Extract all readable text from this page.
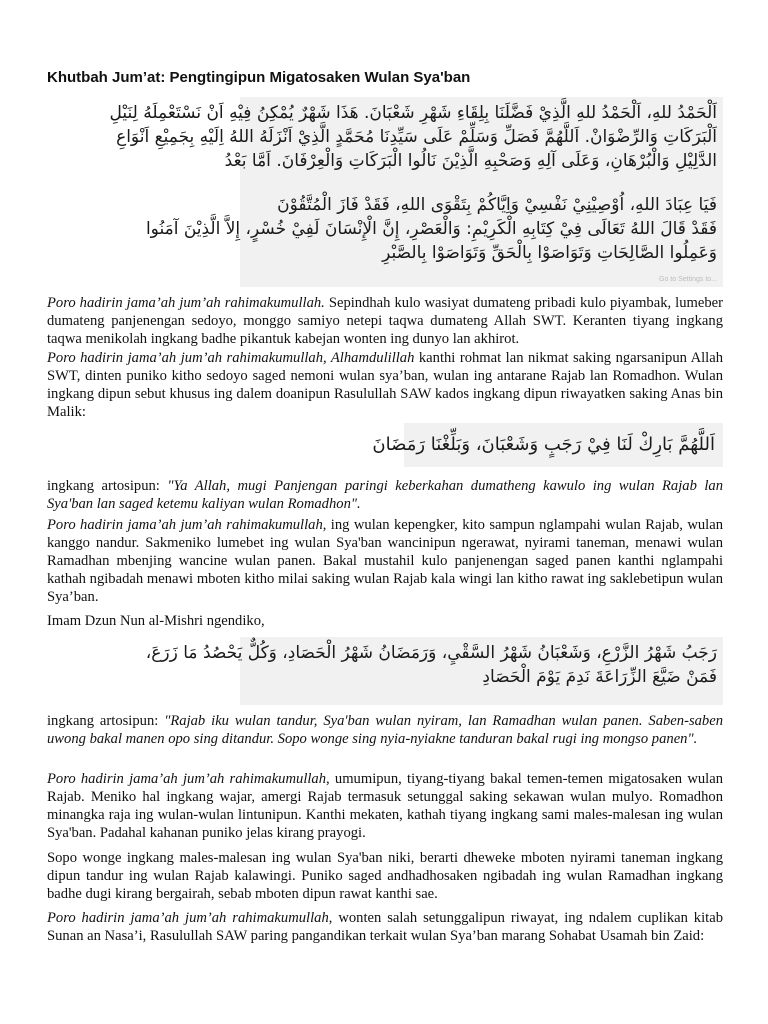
Khutbah Jum’at: Pengtingipun Migatosaken Wulan Sya'ban
اَلْحَمْدُ للهِ، اَلْحَمْدُ للهِ الَّذِيْ فَضَّلَنَا بِلِقَاءِ شَهْرِ شَعْبَانَ. هَذَا شَهْرٌ يُمْكِنُ فِيْهِ اَنْ نَسْتَعْمِلَهُ لِنَيْلِ
اَلْبَرَكَاتِ وَالرِّضْوَانْ. اَللَّهُمَّ فَصَلِّ وَسَلِّمْ عَلَى سَيِّدِنَا مُحَمَّدٍ الَّذِيْ اَنْزَلَهُ اللهُ اِلَيْهِ بِجَمِيْعِ اَنْوَاعِ
الدَّلِيْلِ وَالْبُرْهَانِ، وَعَلَى آلِهِ وَصَحْبِهِ الَّذِيْنَ نَالُوا الْبَرَكَاتِ وَالْعِرْفَانَ. اَمَّا بَعْدُ
فَيَا عِبَادَ اللهِ، اُوْصِيْنِيْ نَفْسِيْ وَاِيَّاكُمْ بِتَقْوَى اللهِ، فَقَدْ فَازَ الْمُتَّقُوْنَ
فَقَدْ قَالَ اللهُ تَعَالَى فِيْ كِتَابِهِ الْكَرِيْمِ: وَالْعَصْرِ، إِنَّ الْإِنْسَانَ لَفِيْ خُسْرٍ، إِلاَّ الَّذِيْنَ آمَنُوا
وَعَمِلُوا الصَّالِحَاتِ وَتَوَاصَوْا بِالْحَقِّ وَتَوَاصَوْا بِالصَّبْرِ
Go to Settings to...
Poro hadirin jama’ah jum’ah rahimakumullah. Sepindhah kulo wasiyat dumateng pribadi kulo piyambak, lumeber dumateng panjenengan sedoyo, monggo samiyo netepi taqwa dumateng Allah SWT. Keranten tiyang ingkang taqwa menikolah ingkang badhe pikantuk kabejan wonten ing dunyo lan akhirot.
Poro hadirin jama’ah jum’ah rahimakumullah, Alhamdulillah kanthi rohmat lan nikmat saking ngarsanipun Allah SWT, dinten puniko kitho sedoyo saged nemoni wulan sya’ban, wulan ing antarane Rajab lan Romadhon. Wulan ingkang dipun sebut khusus ing dalem doanipun Rasulullah SAW kados ingkang dipun riwayatken saking Anas bin Malik:
اَللَّهُمَّ بَارِكْ لَنَا فِيْ رَجَبٍ وَشَعْبَانَ، وَبَلِّغْنَا رَمَضَانَ
ingkang artosipun: "Ya Allah, mugi Panjengan paringi keberkahan dumatheng kawulo ing wulan Rajab lan Sya'ban lan saged ketemu kaliyan wulan Romadhon".
Poro hadirin jama’ah jum’ah rahimakumullah, ing wulan kepengker, kito sampun nglampahi wulan Rajab, wulan kanggo nandur. Sakmeniko lumebet ing wulan Sya'ban wancinipun ngerawat, nyirami taneman, menawi wulan Ramadhan mbenjing wancine wulan panen. Bakal mustahil kulo panjenengan saged panen kanthi nglampahi kathah ngibadah menawi mboten kitho milai saking wulan Rajab kala wingi lan kitho rawat ing saklebetipun wulan Sya’ban.
Imam Dzun Nun al-Mishri ngendiko,
رَجَبُ شَهْرُ الزَّرْعِ، وَشَعْبَانُ شَهْرُ السَّقْيِ، وَرَمَضَانُ شَهْرُ الْحَصَادِ، وَكُلٌّ يَحْصُدُ مَا زَرَعَ،
فَمَنْ ضَيَّعَ الزِّرَاعَةَ نَدِمَ يَوْمَ الْحَصَادِ
ingkang artosipun: "Rajab iku wulan tandur, Sya'ban wulan nyiram, lan Ramadhan wulan panen. Saben-saben uwong bakal manen opo sing ditandur. Sopo wonge sing nyia-nyiakne tanduran bakal rugi ing mongso panen".
Poro hadirin jama’ah jum’ah rahimakumullah, umumipun, tiyang-tiyang bakal temen-temen migatosaken wulan Rajab. Meniko hal ingkang wajar, amergi Rajab termasuk setunggal saking sekawan wulan mulyo. Romadhon minangka raja ing wulan-wulan lintunipun. Kanthi mekaten, kathah tiyang ingkang sami males-malesan ing wulan Sya'ban. Padahal kahanan puniko jelas kirang prayogi.
Sopo wonge ingkang males-malesan ing wulan Sya'ban niki, berarti dheweke mboten nyirami taneman ingkang dipun tandur ing wulan Rajab kalawingi. Puniko saged andhadhosaken ngibadah ing wulan Ramadhan ingkang badhe dugi kirang bergairah, sebab mboten dipun rawat kanthi sae.
Poro hadirin jama’ah jum’ah rahimakumullah, wonten salah setunggalipun riwayat, ing ndalem cuplikan kitab Sunan an Nasa’i, Rasulullah SAW paring pangandikan terkait wulan Sya’ban marang Sohabat Usamah bin Zaid:
